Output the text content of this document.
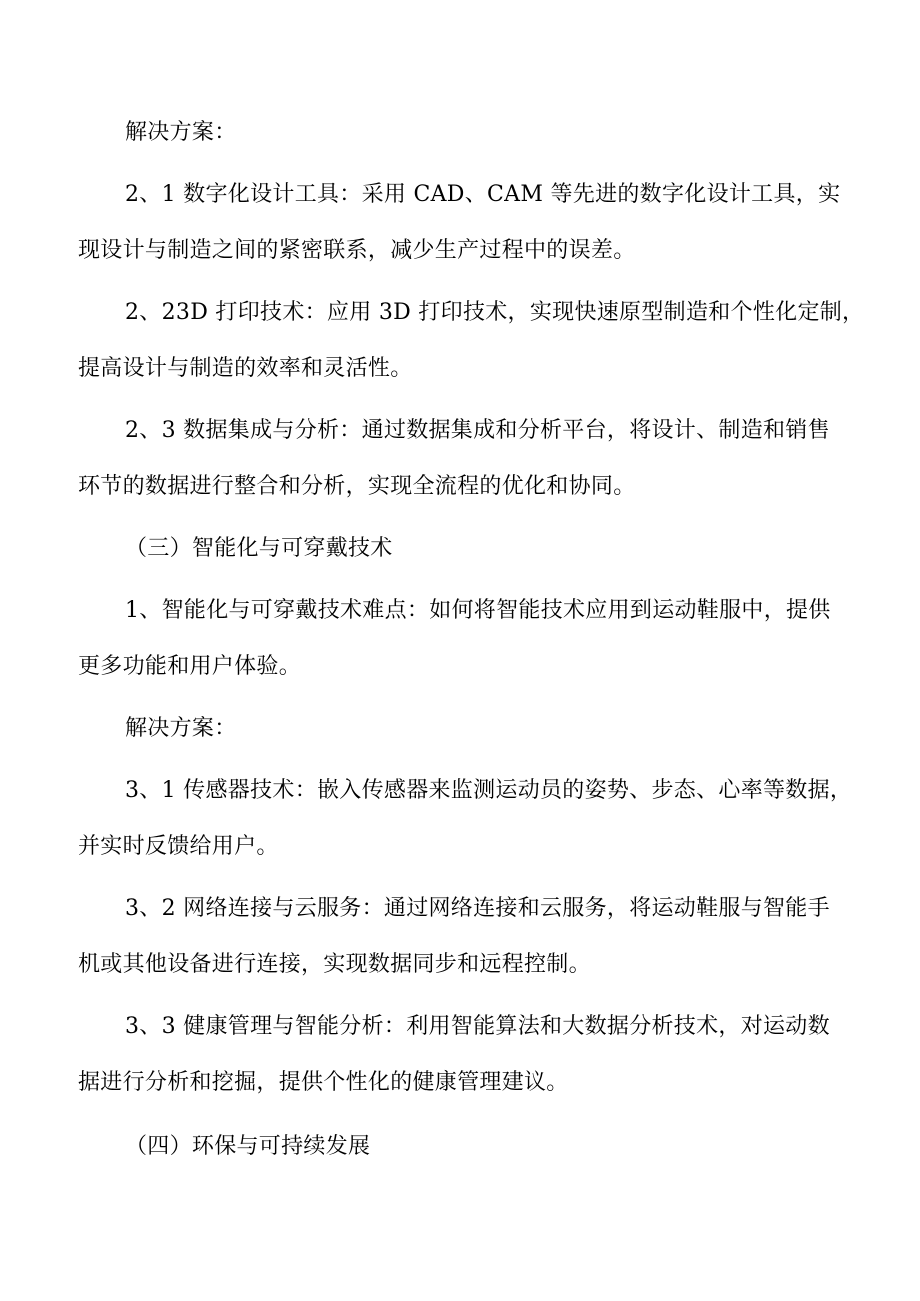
解决方案：
2、1 数字化设计工具：采用 CAD、CAM 等先进的数字化设计工具，实
现设计与制造之间的紧密联系，减少生产过程中的误差。
2、23D 打印技术：应用 3D 打印技术，实现快速原型制造和个性化定制，
提高设计与制造的效率和灵活性。
2、3 数据集成与分析：通过数据集成和分析平台，将设计、制造和销售
环节的数据进行整合和分析，实现全流程的优化和协同。
（三）智能化与可穿戴技术
1、智能化与可穿戴技术难点：如何将智能技术应用到运动鞋服中，提供
更多功能和用户体验。
解决方案：
3、1 传感器技术：嵌入传感器来监测运动员的姿势、步态、心率等数据，
并实时反馈给用户。
3、2 网络连接与云服务：通过网络连接和云服务，将运动鞋服与智能手
机或其他设备进行连接，实现数据同步和远程控制。
3、3 健康管理与智能分析：利用智能算法和大数据分析技术，对运动数
据进行分析和挖掘，提供个性化的健康管理建议。
（四）环保与可持续发展
